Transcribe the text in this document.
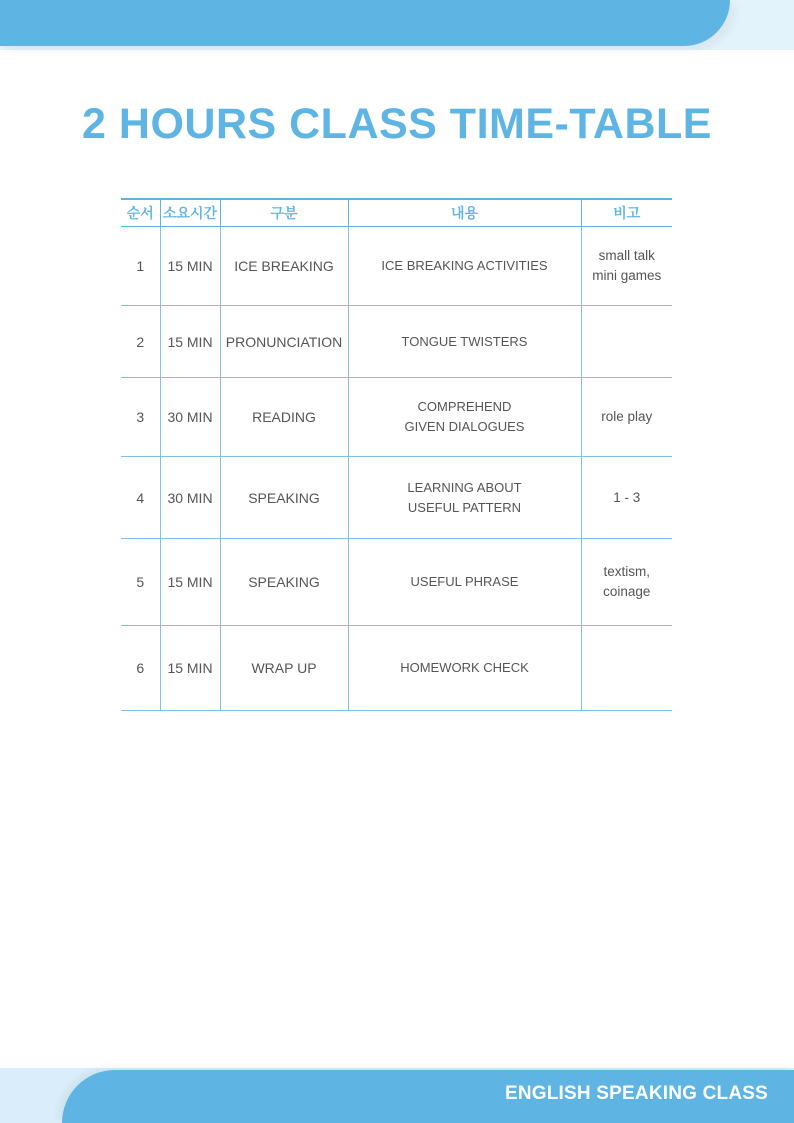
2 HOURS CLASS TIME-TABLE
순서	소요시간	구분	내용	비고
1	15 MIN	ICE BREAKING	ICE BREAKING ACTIVITIES	small talk
mini games

2	15 MIN	PRONUNCIATION	TONGUE TWISTERS	

3	30 MIN	READING	COMPREHEND
GIVEN DIALOGUES	role play

4	30 MIN	SPEAKING	LEARNING ABOUT
USEFUL PATTERN	1 - 3

5	15 MIN	SPEAKING	USEFUL PHRASE	textism,
coinage

6	15 MIN	WRAP UP	HOMEWORK CHECK	

ENGLISH SPEAKING CLASS
